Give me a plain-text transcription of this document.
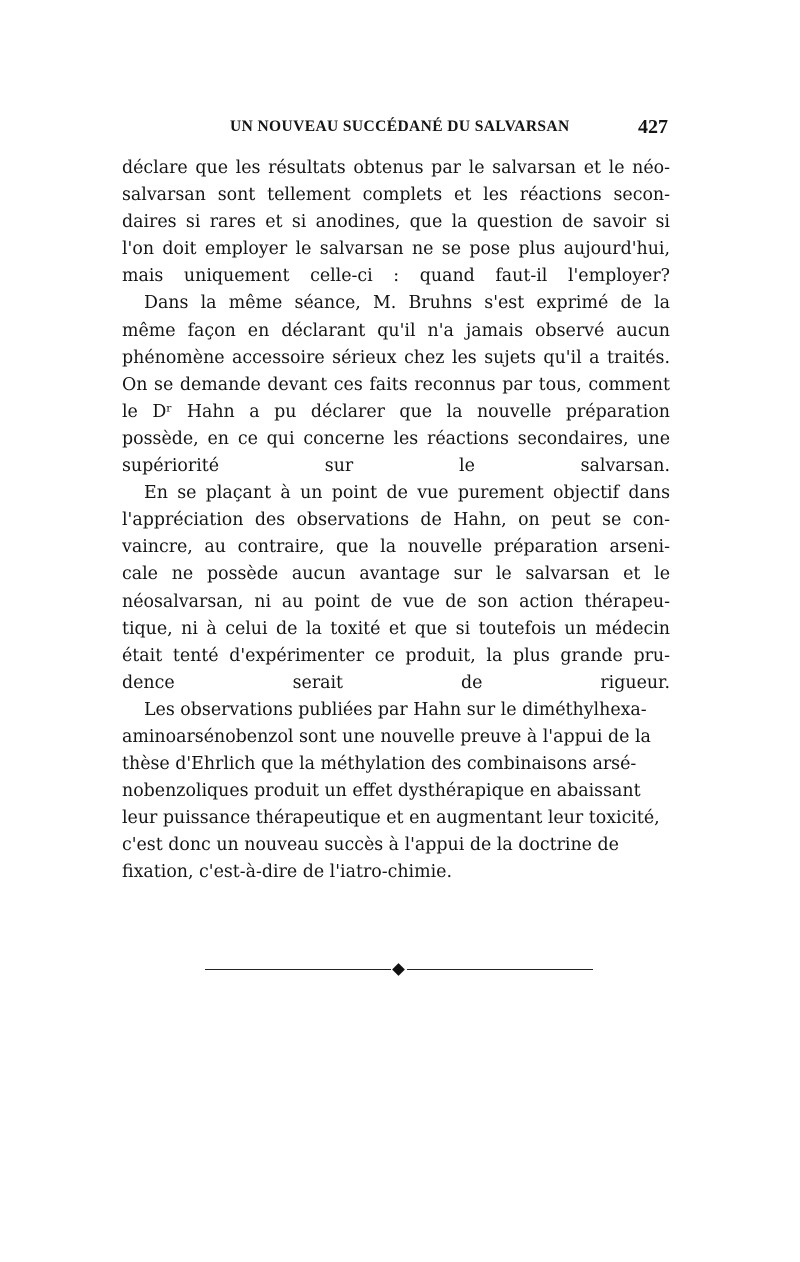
UN NOUVEAU SUCCÉDANÉ DU SALVARSAN	427

déclare que les résultats obtenus par le salvarsan et le néo-
salvarsan sont tellement complets et les réactions secon-
daires si rares et si anodines, que la question de savoir si
l'on doit employer le salvarsan ne se pose plus aujourd'hui,
mais uniquement celle-ci : quand faut-il l'employer?

Dans la même séance, M. Bruhns s'est exprimé de la
même façon en déclarant qu'il n'a jamais observé aucun
phénomène accessoire sérieux chez les sujets qu'il a traités.
On se demande devant ces faits reconnus par tous, comment
le Dʳ Hahn a pu déclarer que la nouvelle préparation
possède, en ce qui concerne les réactions secondaires, une
supériorité sur le salvarsan.

En se plaçant à un point de vue purement objectif dans
l'appréciation des observations de Hahn, on peut se con-
vaincre, au contraire, que la nouvelle préparation arseni-
cale ne possède aucun avantage sur le salvarsan et le
néosalvarsan, ni au point de vue de son action thérapeu-
tique, ni à celui de la toxité et que si toutefois un médecin
était tenté d'expérimenter ce produit, la plus grande pru-
dence serait de rigueur.

Les observations publiées par Hahn sur le diméthylhexa-
aminoarsénobenzol sont une nouvelle preuve à l'appui de la
thèse d'Ehrlich que la méthylation des combinaisons arsé-
nobenzoliques produit un effet dysthérapique en abaissant
leur puissance thérapeutique et en augmentant leur toxicité,
c'est donc un nouveau succès à l'appui de la doctrine de
fixation, c'est-à-dire de l'iatro-chimie.
